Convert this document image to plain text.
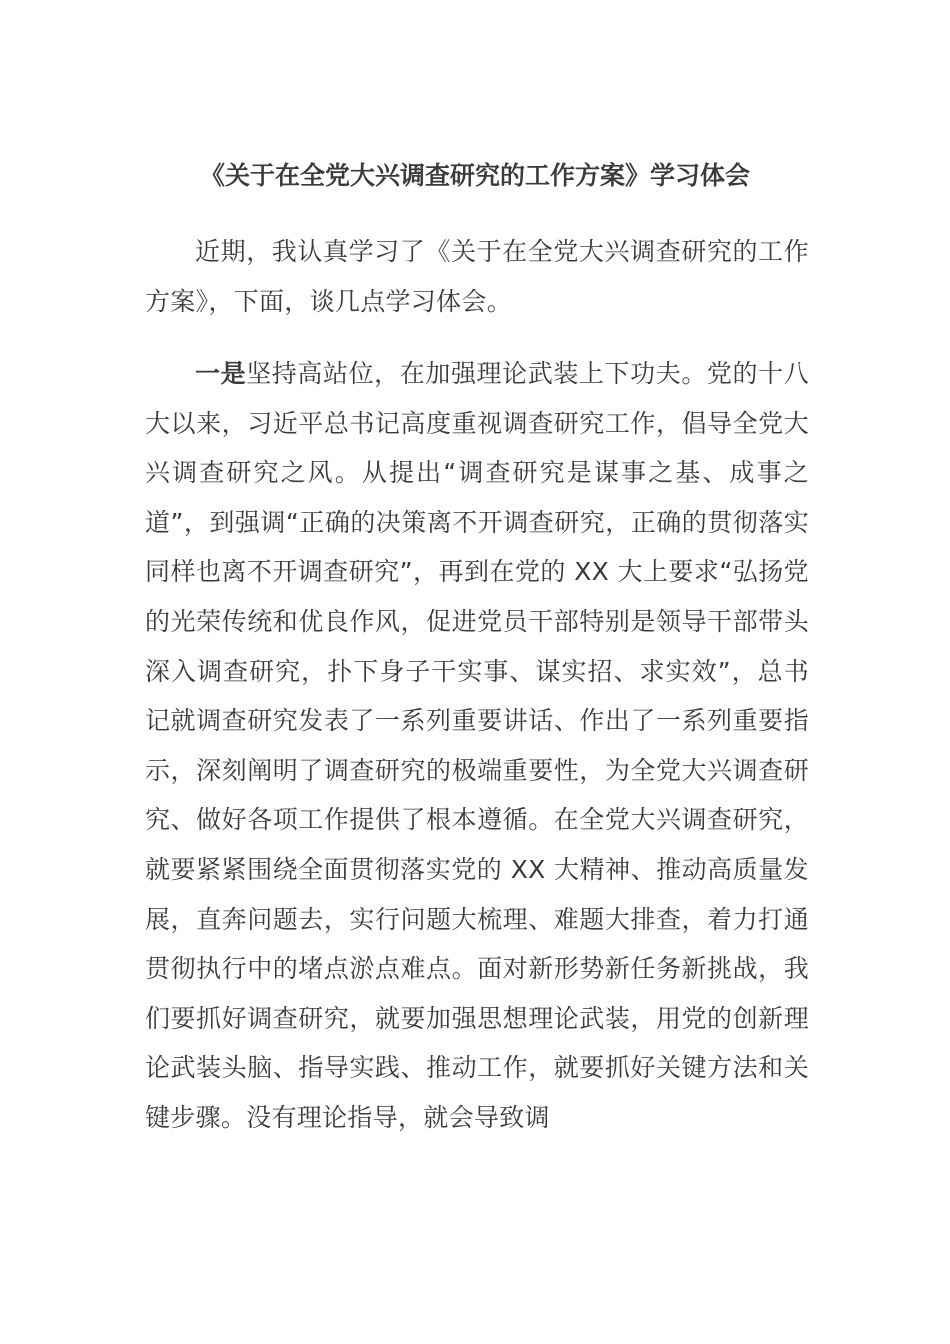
《关于在全党大兴调查研究的工作方案》学习体会

近期，我认真学习了《关于在全党大兴调查研究的工作方案》，下面，谈几点学习体会。

一是坚持高站位，在加强理论武装上下功夫。党的十八大以来，习近平总书记高度重视调查研究工作，倡导全党大兴调查研究之风。从提出“调查研究是谋事之基、成事之道”，到强调“正确的决策离不开调查研究，正确的贯彻落实同样也离不开调查研究”，再到在党的 XX 大上要求“弘扬党的光荣传统和优良作风，促进党员干部特别是领导干部带头深入调查研究，扑下身子干实事、谋实招、求实效”，总书记就调查研究发表了一系列重要讲话、作出了一系列重要指示，深刻阐明了调查研究的极端重要性，为全党大兴调查研究、做好各项工作提供了根本遵循。在全党大兴调查研究，就要紧紧围绕全面贯彻落实党的 XX 大精神、推动高质量发展，直奔问题去，实行问题大梳理、难题大排查，着力打通贯彻执行中的堵点淤点难点。面对新形势新任务新挑战，我们要抓好调查研究，就要加强思想理论武装，用党的创新理论武装头脑、指导实践、推动工作，就要抓好关键方法和关键步骤。没有理论指导，就会导致调
